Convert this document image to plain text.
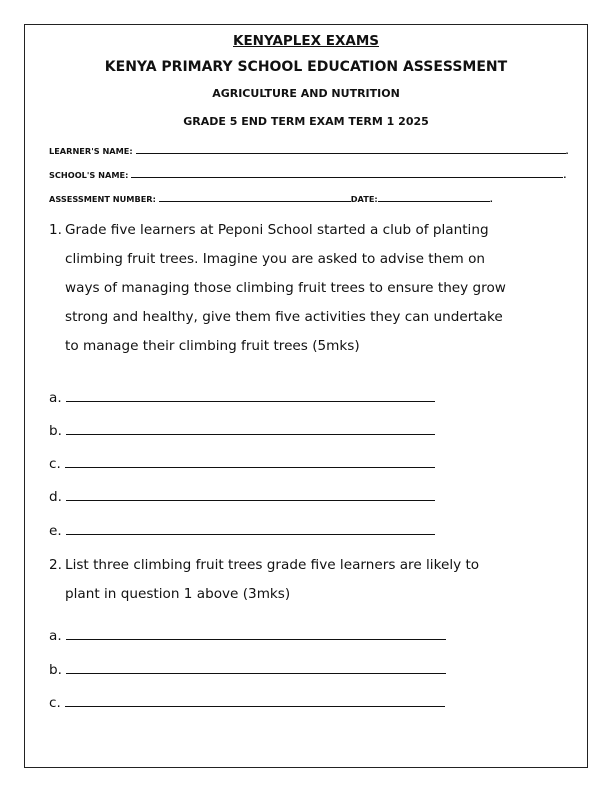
KENYAPLEX EXAMS
KENYA PRIMARY SCHOOL EDUCATION ASSESSMENT
AGRICULTURE AND NUTRITION
GRADE 5 END TERM EXAM TERM 1 2025
LEARNER'S NAME:	.
SCHOOL'S NAME:	.
ASSESSMENT NUMBER:	DATE:	.
1. Grade five learners at Peponi School started a club of planting
climbing fruit trees. Imagine you are asked to advise them on
ways of managing those climbing fruit trees to ensure they grow
strong and healthy, give them five activities they can undertake
to manage their climbing fruit trees (5mks)
a.
b.
c.
d.
e.
2. List three climbing fruit trees grade five learners are likely to
plant in question 1 above (3mks)
a.
b.
c.
